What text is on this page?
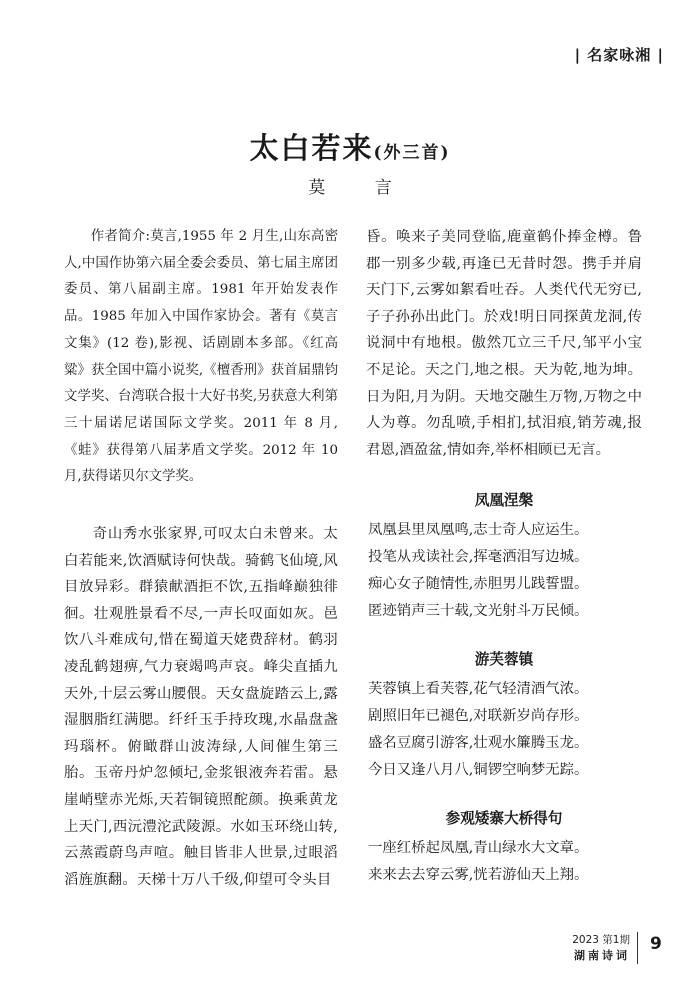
| 名家咏湘 |
太白若来(外三首)
莫 言

作者简介:莫言,1955 年 2 月生,山东高密人,中国作协第六届全委会委员、第七届主席团委员、第八届副主席。1981 年开始发表作品。1985 年加入中国作家协会。著有《莫言文集》(12 卷),影视、话剧剧本多部。《红高粱》获全国中篇小说奖,《檀香刑》获首届鼎钧文学奖、台湾联合报十大好书奖,另获意大利第三十届诺尼诺国际文学奖。2011 年 8 月,《蛙》获得第八届茅盾文学奖。2012 年 10 月,获得诺贝尔文学奖。

奇山秀水张家界,可叹太白未曾来。太白若能来,饮酒赋诗何快哉。骑鹤飞仙境,风目放异彩。群猿献酒拒不饮,五指峰巅独徘徊。壮观胜景看不尽,一声长叹面如灰。邑饮八斗难成句,惜在蜀道天姥费辞材。鹤羽凌乱鹤翅痹,气力衰竭鸣声哀。峰尖直插九天外,十层云雾山腰偎。天女盘旋踏云上,露湿胭脂红满腮。纤纤玉手持玫瑰,水晶盘盏玛瑙杯。俯瞰群山波涛绿,人间催生第三胎。玉帝丹炉忽倾圮,金浆银液奔若雷。悬崖峭壁赤光烁,天若铜镜照酡颜。换乘黄龙上天门,西沅澧沱武陵源。水如玉环绕山转,云蒸霞蔚鸟声喧。触目皆非人世景,过眼滔滔旌旗翻。天梯十万八千级,仰望可令头目

昏。唤来子美同登临,鹿童鹤仆捧金樽。鲁郡一别多少载,再逢已无昔时怨。携手并肩天门下,云雾如絮看吐吞。人类代代无穷已,子子孙孙出此门。於戏!明日同探黄龙洞,传说洞中有地根。傲然兀立三千尺,邹平小宝不足论。天之门,地之根。天为乾,地为坤。日为阳,月为阴。天地交融生万物,万物之中人为尊。勿乱喷,手相扪,拭泪痕,销芳魂,报君恩,酒盈盆,情如奔,举杯相顾已无言。

凤凰涅槃
凤凰县里凤凰鸣,志士奇人应运生。
投笔从戎读社会,挥毫洒泪写边城。
痴心女子随情性,赤胆男儿践誓盟。
匿迹销声三十载,文光射斗万民倾。
游芙蓉镇
芙蓉镇上看芙蓉,花气轻清酒气浓。
剧照旧年已褪色,对联新岁尚存形。
盛名豆腐引游客,壮观水簾腾玉龙。
今日又逢八月八,铜锣空响梦无踪。
参观矮寨大桥得句
一座红桥起凤凰,青山绿水大文章。
来来去去穿云雾,恍若游仙天上翔。
2023 第1期
湖南诗词
9
